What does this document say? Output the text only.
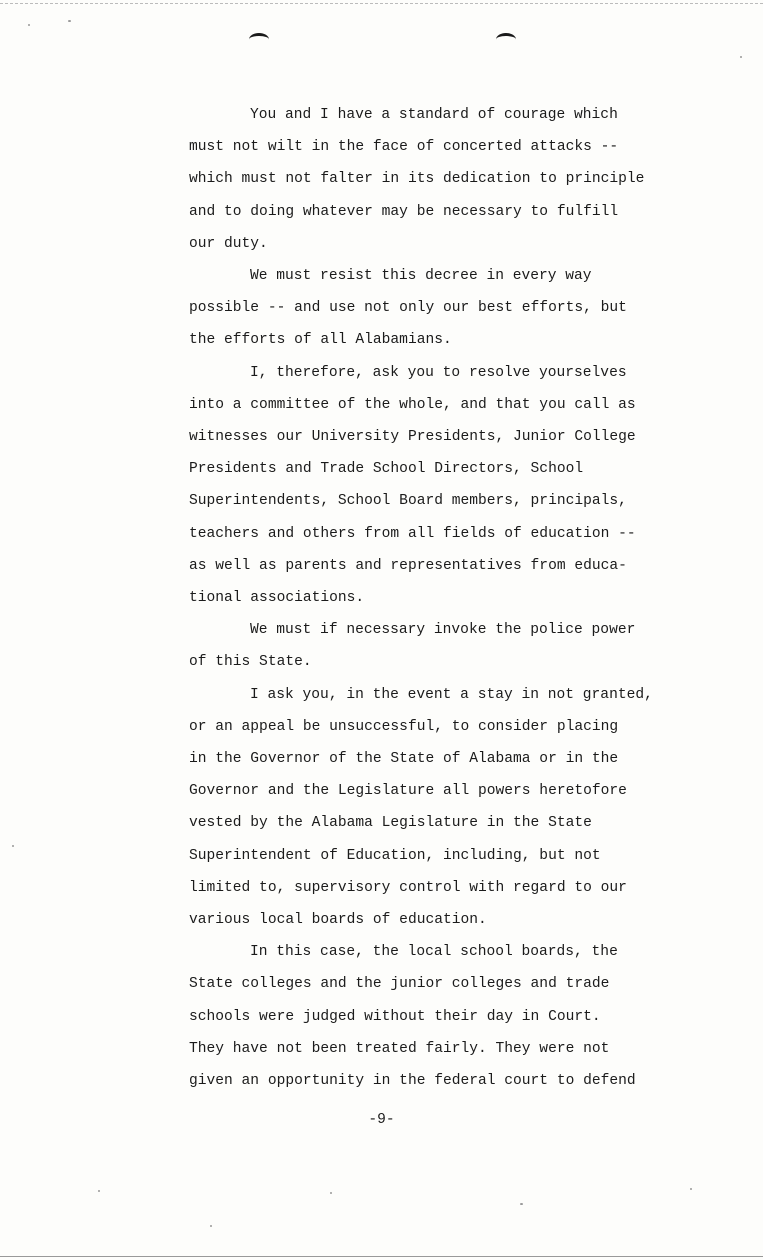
You and I have a standard of courage which
must not wilt in the face of concerted attacks --
which must not falter in its dedication to principle
and to doing whatever may be necessary to fulfill
our duty.

We must resist this decree in every way
possible -- and use not only our best efforts, but
the efforts of all Alabamians.

I, therefore, ask you to resolve yourselves
into a committee of the whole, and that you call as
witnesses our University Presidents, Junior College
Presidents and Trade School Directors, School
Superintendents, School Board members, principals,
teachers and others from all fields of education --
as well as parents and representatives from educa-
tional associations.

We must if necessary invoke the police power
of this State.

I ask you, in the event a stay in not granted,
or an appeal be unsuccessful, to consider placing
in the Governor of the State of Alabama or in the
Governor and the Legislature all powers heretofore
vested by the Alabama Legislature in the State
Superintendent of Education, including, but not
limited to, supervisory control with regard to our
various local boards of education.

In this case, the local school boards, the
State colleges and the junior colleges and trade
schools were judged without their day in Court.
They have not been treated fairly. They were not
given an opportunity in the federal court to defend

-9-
